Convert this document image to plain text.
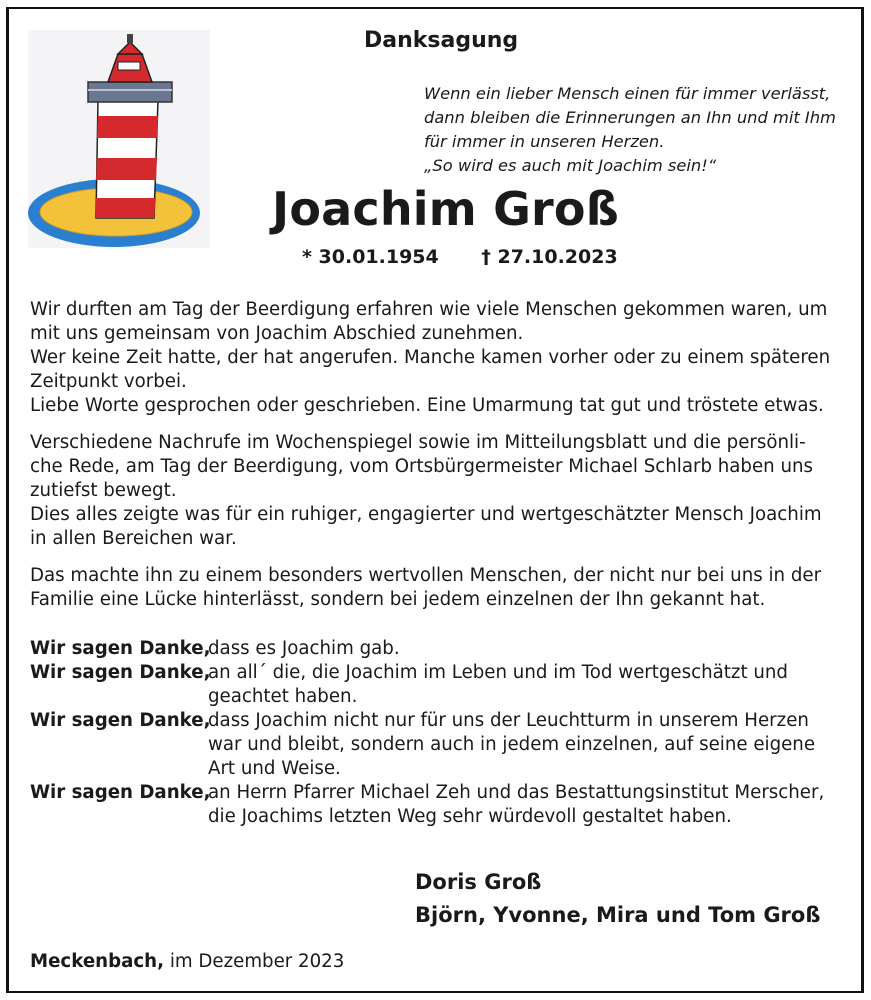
Danksagung
Wenn ein lieber Mensch einen für immer verlässt,
dann bleiben die Erinnerungen an Ihn und mit Ihm
für immer in unseren Herzen.
„So wird es auch mit Joachim sein!“
Joachim Groß
* 30.01.1954 † 27.10.2023
Wir durften am Tag der Beerdigung erfahren wie viele Menschen gekommen waren, um
mit uns gemeinsam von Joachim Abschied zunehmen.
Wer keine Zeit hatte, der hat angerufen. Manche kamen vorher oder zu einem späteren
Zeitpunkt vorbei.
Liebe Worte gesprochen oder geschrieben. Eine Umarmung tat gut und tröstete etwas.
Verschiedene Nachrufe im Wochenspiegel sowie im Mitteilungsblatt und die persönli-
che Rede, am Tag der Beerdigung, vom Ortsbürgermeister Michael Schlarb haben uns
zutiefst bewegt.
Dies alles zeigte was für ein ruhiger, engagierter und wertgeschätzter Mensch Joachim
in allen Bereichen war.
Das machte ihn zu einem besonders wertvollen Menschen, der nicht nur bei uns in der
Familie eine Lücke hinterlässt, sondern bei jedem einzelnen der Ihn gekannt hat.
Wir sagen Danke,
dass es Joachim gab.
Wir sagen Danke,
an all´ die, die Joachim im Leben und im Tod wertgeschätzt und
geachtet haben.
Wir sagen Danke,
dass Joachim nicht nur für uns der Leuchtturm in unserem Herzen
war und bleibt, sondern auch in jedem einzelnen, auf seine eigene
Art und Weise.
Wir sagen Danke,
an Herrn Pfarrer Michael Zeh und das Bestattungsinstitut Merscher,
die Joachims letzten Weg sehr würdevoll gestaltet haben.
Doris Groß
Björn, Yvonne, Mira und Tom Groß
Meckenbach, im Dezember 2023
